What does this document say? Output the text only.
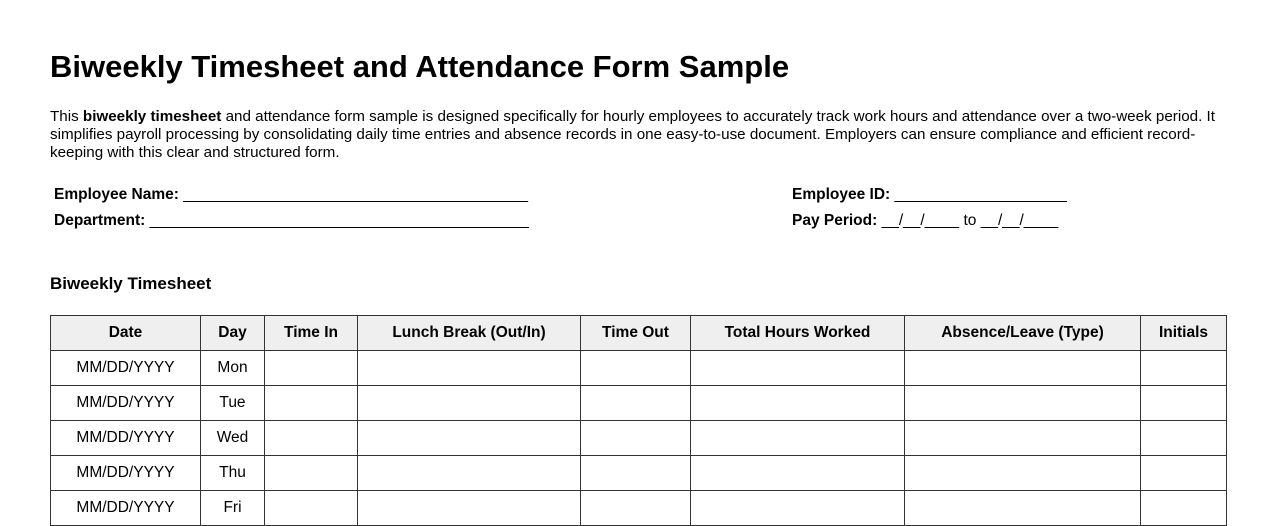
Biweekly Timesheet and Attendance Form Sample

This biweekly timesheet and attendance form sample is designed specifically for hourly employees to accurately track work hours and attendance over a two-week period. It simplifies payroll processing by consolidating daily time entries and absence records in one easy-to-use document. Employers can ensure compliance and efficient record-keeping with this clear and structured form.

Employee Name: ________________________________________
Department: ____________________________________________
Employee ID: ____________________
Pay Period: __/__/____ to __/__/____
Biweekly Timesheet
Date	Day	Time In	Lunch Break (Out/In)	Time Out	Total Hours Worked	Absence/Leave (Type)	Initials
MM/DD/YYYY	Mon						
MM/DD/YYYY	Tue						
MM/DD/YYYY	Wed						
MM/DD/YYYY	Thu						
MM/DD/YYYY	Fri						
